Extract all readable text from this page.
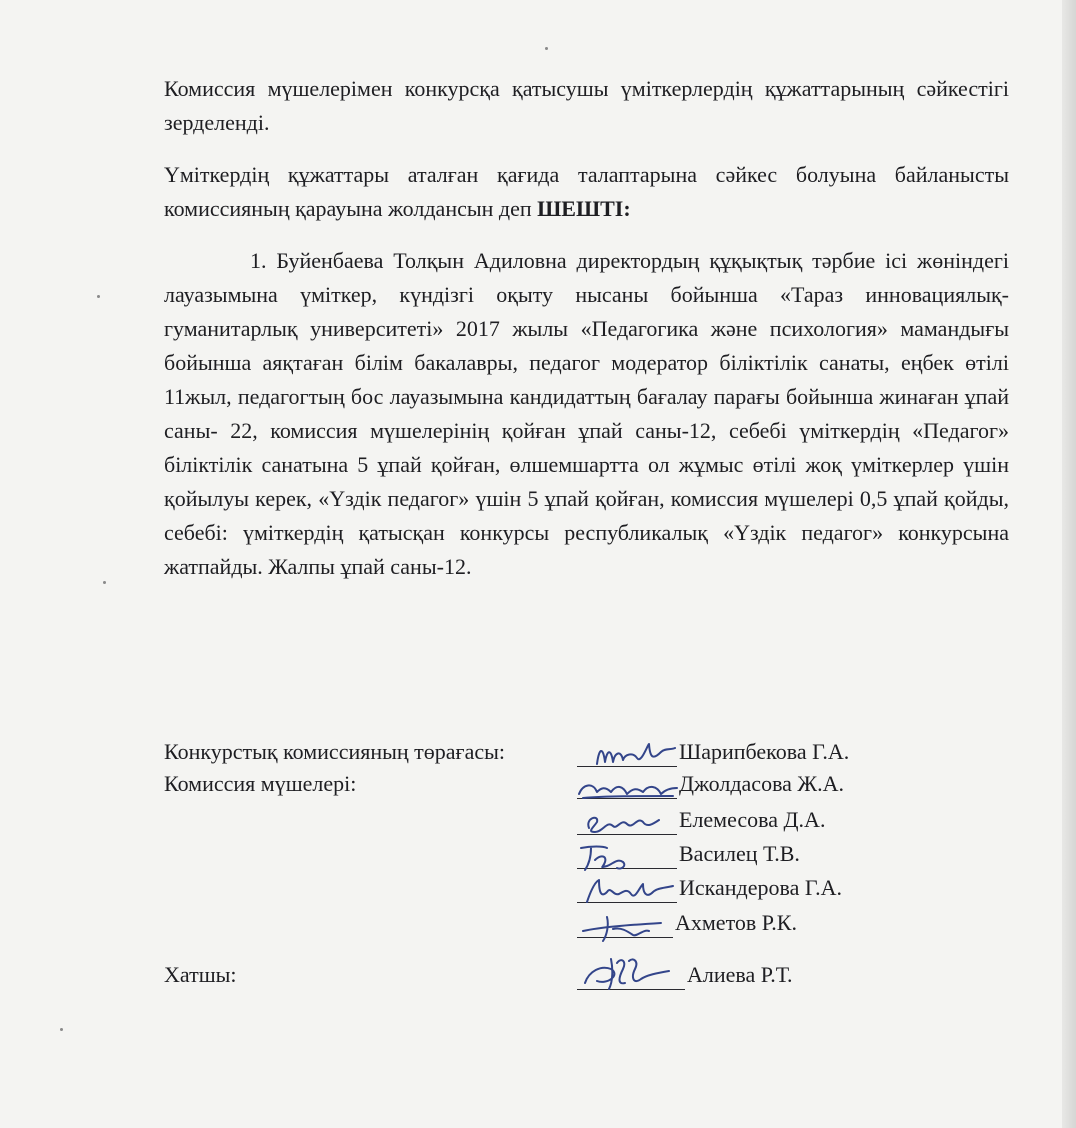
Комиссия мүшелерімен конкурсқа қатысушы үміткерлердің құжаттарының сәйкестігі зерделенді.
Үміткердің құжаттары аталған қағида талаптарына сәйкес болуына байланысты комиссияның қарауына жолдансын деп ШЕШТІ:
1. Буйенбаева Толқын Адиловна директордың құқықтық тәрбие ісі жөніндегі лауазымына үміткер, күндізгі оқыту нысаны бойынша «Тараз инновациялық-гуманитарлық университеті» 2017 жылы «Педагогика және психология» мамандығы бойынша аяқтаған білім бакалавры, педагог модератор біліктілік санаты, еңбек өтілі 11жыл, педагогтың бос лауазымына кандидаттың бағалау парағы бойынша жинаған ұпай саны- 22, комиссия мүшелерінің қойған ұпай саны-12, себебі үміткердің «Педагог» біліктілік санатына 5 ұпай қойған, өлшемшартта ол жұмыс өтілі жоқ үміткерлер үшін қойылуы керек, «Үздік педагог» үшін 5 ұпай қойған, комиссия мүшелері 0,5 ұпай қойды, себебі: үміткердің қатысқан конкурсы республикалық «Үздік педагог» конкурсына жатпайды. Жалпы ұпай саны-12.
Конкурстық комиссияның төрағасы:
Комиссия мүшелері:
Хатшы:
Шарипбекова Г.А.
Джолдасова Ж.А.
Елемесова Д.А.
Василец Т.В.
Искандерова Г.А.
Ахметов Р.К.
Алиева Р.Т.
